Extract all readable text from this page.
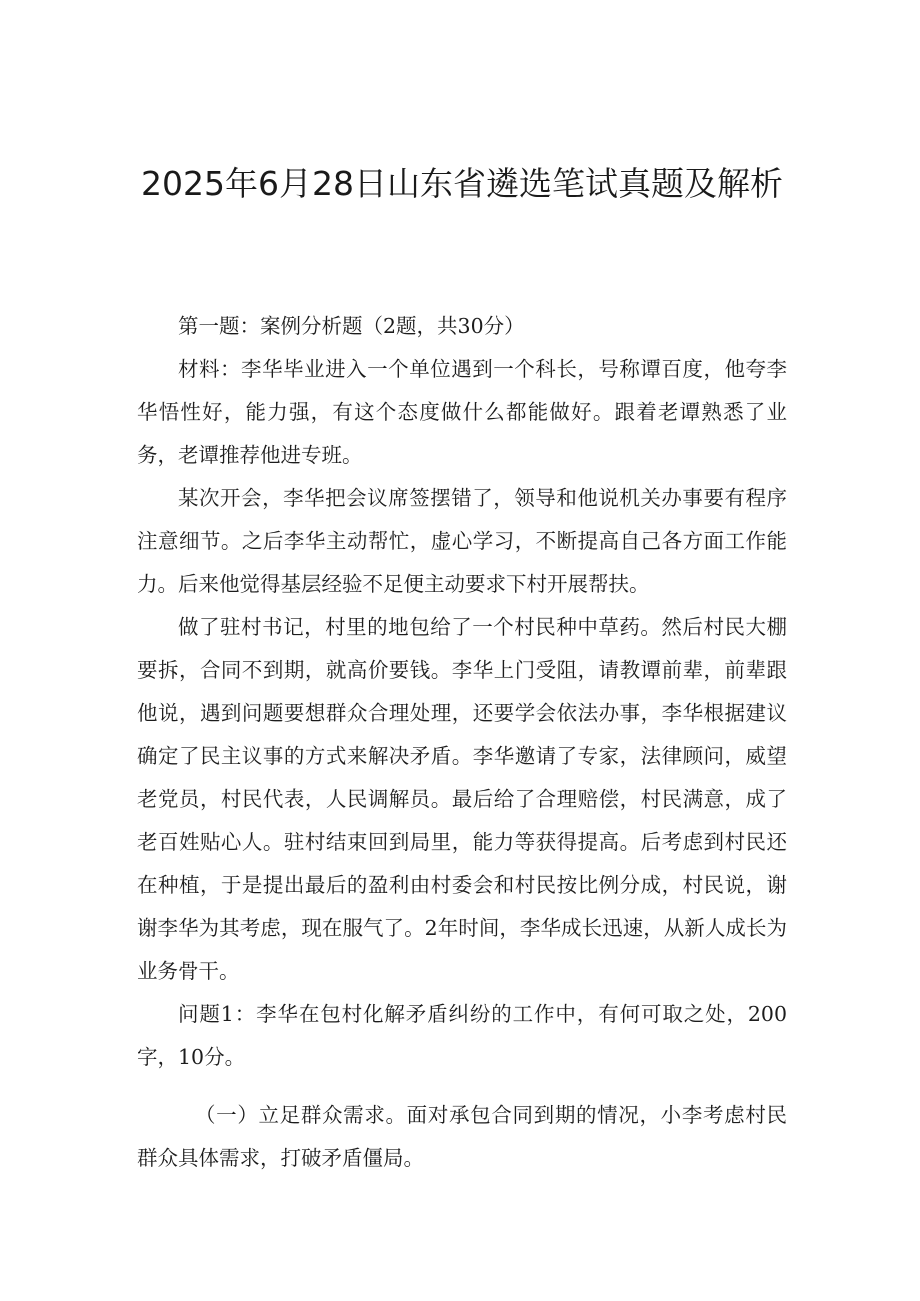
2025年6月28日山东省遴选笔试真题及解析

第一题：案例分析题（2题，共30分）

材料：李华毕业进入一个单位遇到一个科长，号称谭百度，他夸李华悟性好，能力强，有这个态度做什么都能做好。跟着老谭熟悉了业务，老谭推荐他进专班。

某次开会，李华把会议席签摆错了，领导和他说机关办事要有程序注意细节。之后李华主动帮忙，虚心学习，不断提高自己各方面工作能力。后来他觉得基层经验不足便主动要求下村开展帮扶。

做了驻村书记，村里的地包给了一个村民种中草药。然后村民大棚要拆，合同不到期，就高价要钱。李华上门受阻，请教谭前辈，前辈跟他说，遇到问题要想群众合理处理，还要学会依法办事，李华根据建议确定了民主议事的方式来解决矛盾。李华邀请了专家，法律顾问，威望老党员，村民代表，人民调解员。最后给了合理赔偿，村民满意，成了老百姓贴心人。驻村结束回到局里，能力等获得提高。后考虑到村民还在种植，于是提出最后的盈利由村委会和村民按比例分成，村民说，谢谢李华为其考虑，现在服气了。2年时间，李华成长迅速，从新人成长为业务骨干。

问题1：李华在包村化解矛盾纠纷的工作中，有何可取之处，200字，10分。

（一）立足群众需求。面对承包合同到期的情况，小李考虑村民群众具体需求，打破矛盾僵局。
